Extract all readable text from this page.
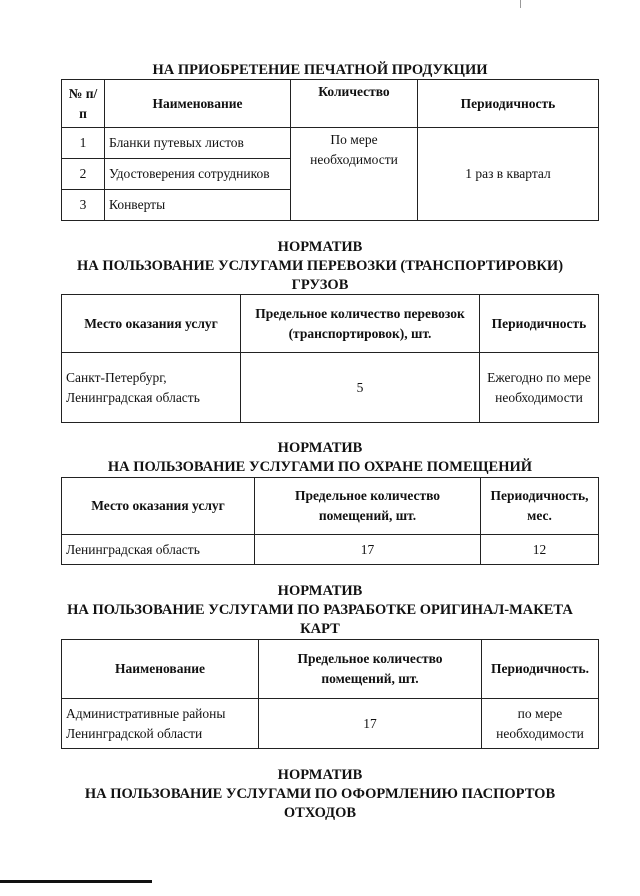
НА ПРИОБРЕТЕНИЕ ПЕЧАТНОЙ ПРОДУКЦИИ
№ п/п	Наименование	Количество	Периодичность
1	Бланки путевых листов	По мере необходимости	1 раз в квартал
2	Удостоверения сотрудников		
3	Конверты		
НОРМАТИВ
НА ПОЛЬЗОВАНИЕ УСЛУГАМИ ПЕРЕВОЗКИ (ТРАНСПОРТИРОВКИ)
ГРУЗОВ
Место оказания услуг	Предельное количество перевозок (транспортировок), шт.	Периодичность
Санкт-Петербург, Ленинградская область	5	Ежегодно по мере необходимости
НОРМАТИВ
НА ПОЛЬЗОВАНИЕ УСЛУГАМИ ПО ОХРАНЕ ПОМЕЩЕНИЙ
Место оказания услуг	Предельное количество помещений, шт.	Периодичность, мес.
Ленинградская область	17	12
НОРМАТИВ
НА ПОЛЬЗОВАНИЕ УСЛУГАМИ ПО РАЗРАБОТКЕ ОРИГИНАЛ-МАКЕТА
КАРТ
Наименование	Предельное количество помещений, шт.	Периодичность.
Административные районы Ленинградской области	17	по мере необходимости
НОРМАТИВ
НА ПОЛЬЗОВАНИЕ УСЛУГАМИ ПО ОФОРМЛЕНИЮ ПАСПОРТОВ
ОТХОДОВ
